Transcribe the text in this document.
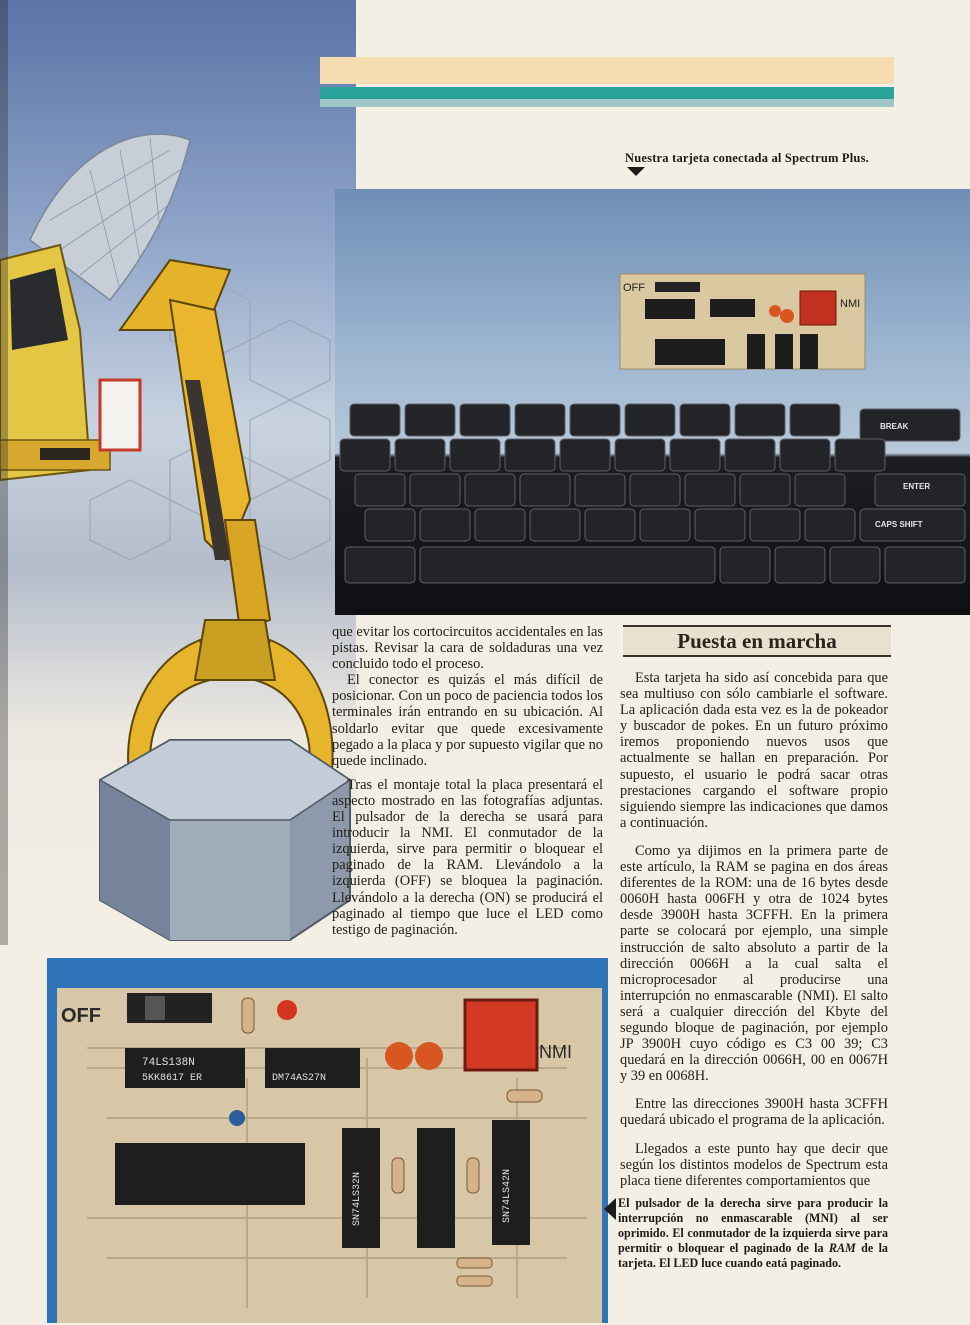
Nuestra tarjeta conectada al Spectrum Plus.
OFF
NMI
BREAK
ENTER
CAPS SHIFT

que evitar los cortocircuitos accidentales en las pistas. Revisar la cara de soldaduras una vez concluido todo el proceso.

El conector es quizás el más difícil de posicionar. Con un poco de paciencia todos los terminales irán entrando en su ubicación. Al soldarlo evitar que quede excesivamente pegado a la placa y por supuesto vigilar que no quede inclinado.

Tras el montaje total la placa presentará el aspecto mostrado en las fotografías adjuntas. El pulsador de la derecha se usará para introducir la NMI. El conmutador de la izquierda, sirve para permitir o bloquear el paginado de la RAM. Llevándolo a la izquierda (OFF) se bloquea la paginación. Llevándolo a la derecha (ON) se producirá el paginado al tiempo que luce el LED como testigo de paginación.

Puesta en marcha

Esta tarjeta ha sido así concebida para que sea multiuso con sólo cambiarle el software. La aplicación dada esta vez es la de pokeador y buscador de pokes. En un futuro próximo iremos proponiendo nuevos usos que actualmente se hallan en preparación. Por supuesto, el usuario le podrá sacar otras prestaciones cargando el software propio siguiendo siempre las indicaciones que damos a continuación.

Como ya dijimos en la primera parte de este artículo, la RAM se pagina en dos áreas diferentes de la ROM: una de 16 bytes desde 0060H hasta 006FH y otra de 1024 bytes desde 3900H hasta 3CFFH. En la primera parte se colocará por ejemplo, una simple instrucción de salto absoluto a partir de la dirección 0066H a la cual salta el microprocesador al producirse una interrupción no enmascarable (NMI). El salto será a cualquier dirección del Kbyte del segundo bloque de paginación, por ejemplo JP 3900H cuyo código es C3 00 39; C3 quedará en la dirección 0066H, 00 en 0067H y 39 en 0068H.

Entre las direcciones 3900H hasta 3CFFH quedará ubicado el programa de la aplicación.

Llegados a este punto hay que decir que según los distintos modelos de Spectrum esta placa tiene diferentes comportamientos que

OFF
NMI
74LS138N
5KK8617 ER	DM74AS27N
SN74LS32N	SN74LS42N	El pulsador de la derecha sirve para producir la interrupción no enmascarable (MNI) al ser oprimido. El conmutador de la izquierda sirve para permitir o bloquear el paginado de la RAM de la tarjeta. El LED luce cuando eatá paginado.
